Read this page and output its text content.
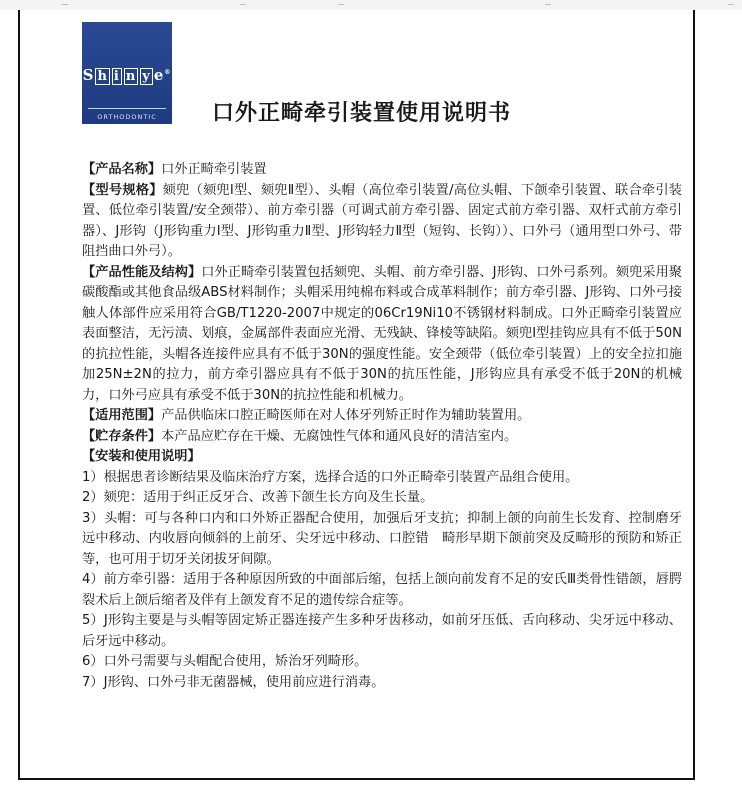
S h i n y e®
ORTHODONTIC	口外正畸牵引装置使用说明书

【产品名称】口外正畸牵引装置

【型号规格】颏兜（颏兜Ⅰ型、颏兜Ⅱ型）、头帽（高位牵引装置/高位头帽、下颌牵引装置、联合牵引装置、低位牵引装置/安全颈带）、前方牵引器（可调式前方牵引器、固定式前方牵引器、双杆式前方牵引器）、J形钩（J形钩重力Ⅰ型、J形钩重力Ⅱ型、J形钩轻力Ⅱ型（短钩、长钩））、口外弓（通用型口外弓、带阻挡曲口外弓）。

【产品性能及结构】口外正畸牵引装置包括颏兜、头帽、前方牵引器、J形钩、口外弓系列。颏兜采用聚碳酸酯或其他食品级ABS材料制作；头帽采用纯棉布料或合成革料制作；前方牵引器、J形钩、口外弓接触人体部件应采用符合GB/T1220-2007中规定的06Cr19Ni10不锈钢材料制成。口外正畸牵引装置应表面整洁，无污渍、划痕，金属部件表面应光滑、无残缺、锋棱等缺陷。颏兜Ⅰ型挂钩应具有不低于50N的抗拉性能，头帽各连接件应具有不低于30N的强度性能。安全颈带（低位牵引装置）上的安全拉扣施加25N±2N的拉力，前方牵引器应具有不低于30N的抗压性能，J形钩应具有承受不低于20N的机械力，口外弓应具有承受不低于30N的抗拉性能和机械力。

【适用范围】产品供临床口腔正畸医师在对人体牙列矫正时作为辅助装置用。

【贮存条件】本产品应贮存在干燥、无腐蚀性气体和通风良好的清洁室内。

【安装和使用说明】

1）根据患者诊断结果及临床治疗方案，选择合适的口外正畸牵引装置产品组合使用。

2）颏兜：适用于纠正反牙合、改善下颌生长方向及生长量。

3）头帽：可与各种口内和口外矫正器配合使用，加强后牙支抗；抑制上颌的向前生长发育、控制磨牙远中移动、内收唇向倾斜的上前牙、尖牙远中移动、口腔错　畸形早期下颌前突及反畸形的预防和矫正等，也可用于切牙关闭拔牙间隙。

4）前方牵引器：适用于各种原因所致的中面部后缩，包括上颌向前发育不足的安氏Ⅲ类骨性错颌，唇腭裂术后上颌后缩者及伴有上颌发育不足的遗传综合症等。

5）J形钩主要是与头帽等固定矫正器连接产生多种牙齿移动，如前牙压低、舌向移动、尖牙远中移动、后牙远中移动。

6）口外弓需要与头帽配合使用，矫治牙列畸形。

7）J形钩、口外弓非无菌器械，使用前应进行消毒。
